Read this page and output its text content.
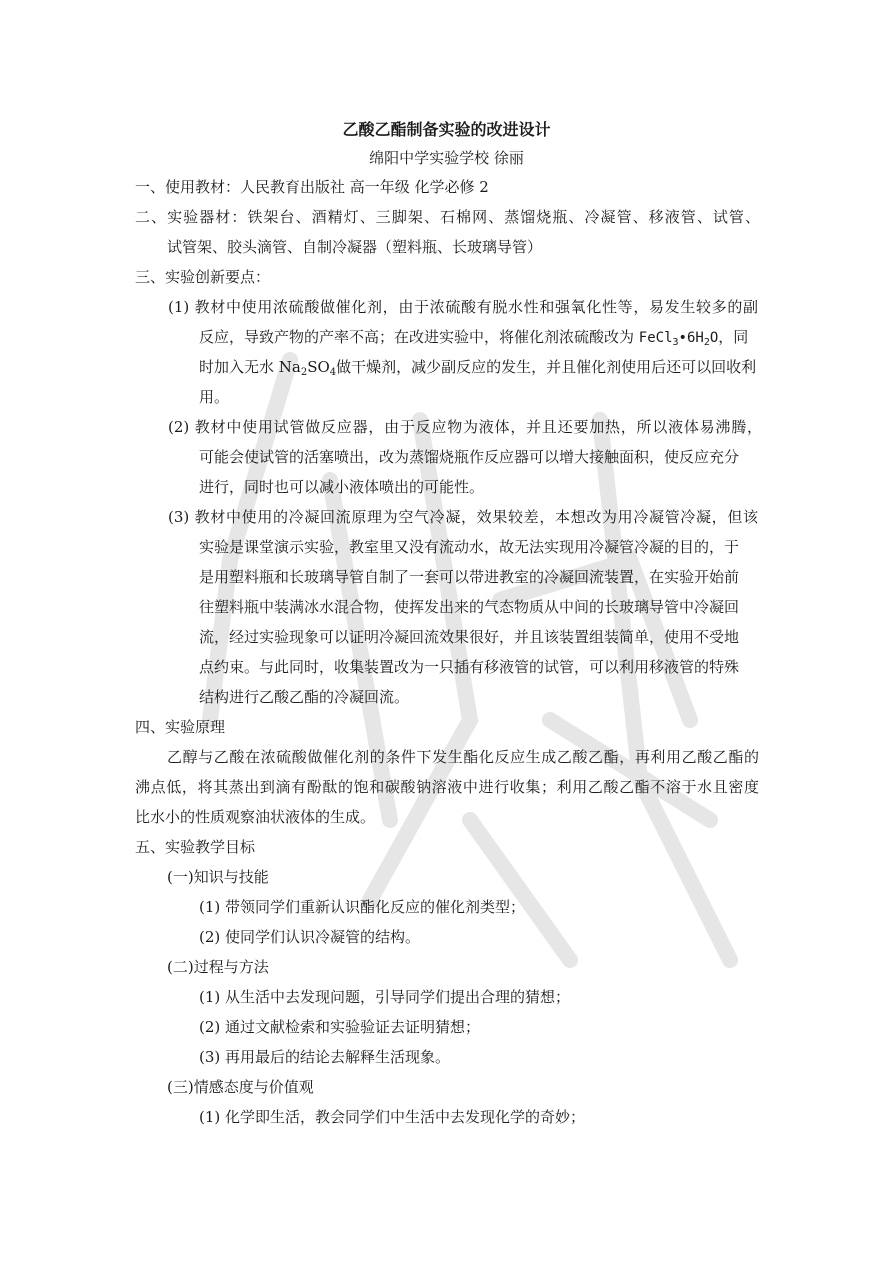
乙酸乙酯制备实验的改进设计
绵阳中学实验学校 徐丽
一、使用教材：人民教育出版社 高一年级 化学必修 2
二、实验器材：铁架台、酒精灯、三脚架、石棉网、蒸馏烧瓶、冷凝管、移液管、试管、
试管架、胶头滴管、自制冷凝器（塑料瓶、长玻璃导管）
三、实验创新要点：
(1) 教材中使用浓硫酸做催化剂，由于浓硫酸有脱水性和强氧化性等，易发生较多的副
反应，导致产物的产率不高；在改进实验中，将催化剂浓硫酸改为 $FeCl_3•6H_2O$，同
时加入无水 $Na_2SO_4$做干燥剂，减少副反应的发生，并且催化剂使用后还可以回收利
用。
(2) 教材中使用试管做反应器，由于反应物为液体，并且还要加热，所以液体易沸腾，
可能会使试管的活塞喷出，改为蒸馏烧瓶作反应器可以增大接触面积，使反应充分
进行，同时也可以减小液体喷出的可能性。
(3) 教材中使用的冷凝回流原理为空气冷凝，效果较差，本想改为用冷凝管冷凝，但该
实验是课堂演示实验，教室里又没有流动水，故无法实现用冷凝管冷凝的目的，于
是用塑料瓶和长玻璃导管自制了一套可以带进教室的冷凝回流装置，在实验开始前
往塑料瓶中装满冰水混合物，使挥发出来的气态物质从中间的长玻璃导管中冷凝回
流，经过实验现象可以证明冷凝回流效果很好，并且该装置组装简单，使用不受地
点约束。与此同时，收集装置改为一只插有移液管的试管，可以利用移液管的特殊
结构进行乙酸乙酯的冷凝回流。
四、实验原理
乙醇与乙酸在浓硫酸做催化剂的条件下发生酯化反应生成乙酸乙酯，再利用乙酸乙酯的
沸点低，将其蒸出到滴有酚酞的饱和碳酸钠溶液中进行收集；利用乙酸乙酯不溶于水且密度
比水小的性质观察油状液体的生成。
五、实验教学目标
(一)知识与技能
(1) 带领同学们重新认识酯化反应的催化剂类型；
(2) 使同学们认识冷凝管的结构。
(二)过程与方法
(1) 从生活中去发现问题，引导同学们提出合理的猜想；
(2) 通过文献检索和实验验证去证明猜想；
(3) 再用最后的结论去解释生活现象。
(三)情感态度与价值观
(1) 化学即生活，教会同学们中生活中去发现化学的奇妙；
